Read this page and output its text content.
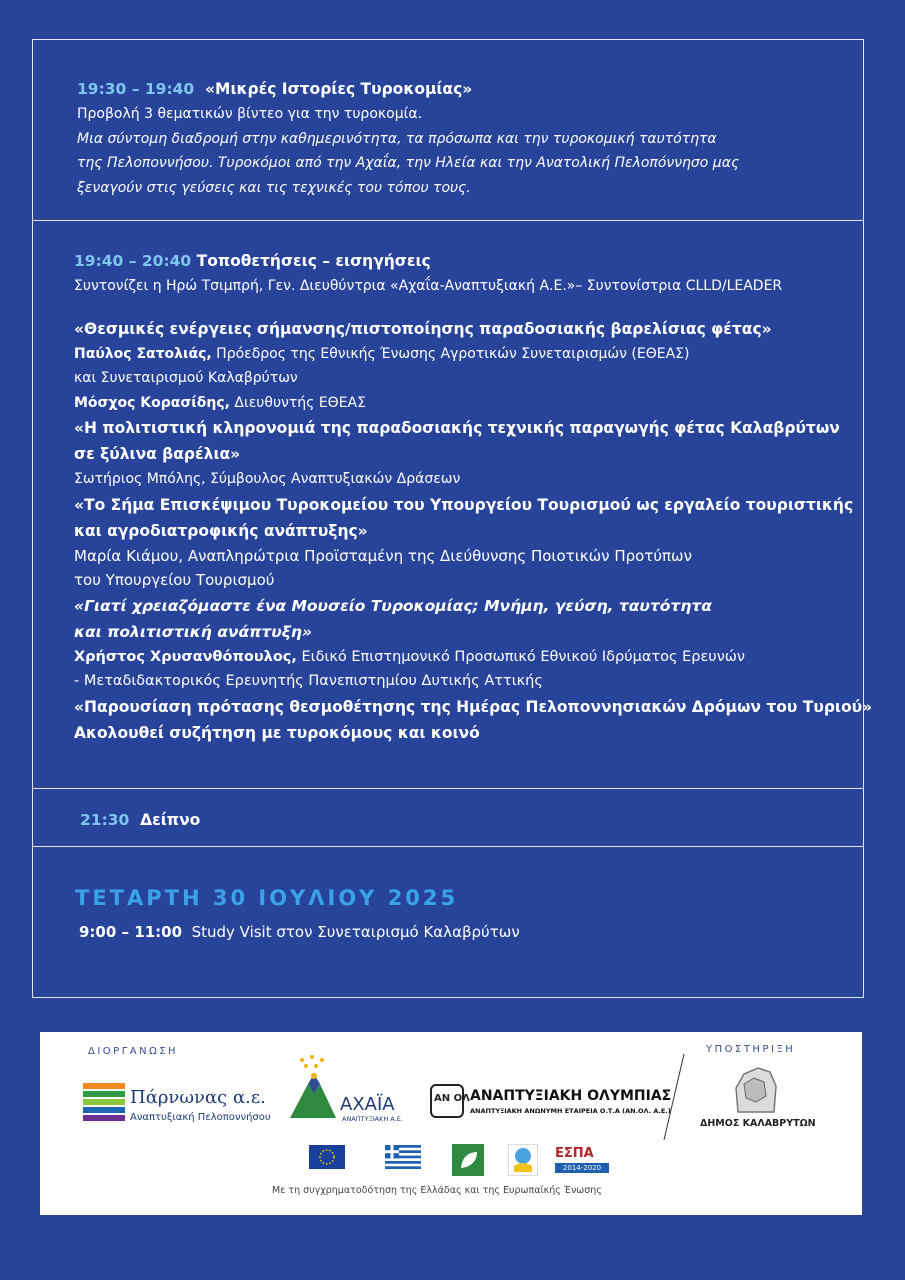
19:30 – 19:40 «Μικρές Ιστορίες Τυροκομίας»
Προβολή 3 θεματικών βίντεο για την τυροκομία.
Μια σύντομη διαδρομή στην καθημερινότητα, τα πρόσωπα και την τυροκομική ταυτότητα
της Πελοποννήσου. Τυροκόμοι από την Αχαΐα, την Ηλεία και την Ανατολική Πελοπόννησο μας
ξεναγούν στις γεύσεις και τις τεχνικές του τόπου τους.
19:40 – 20:40 Τοποθετήσεις – εισηγήσεις
Συντονίζει η Ηρώ Τσιμπρή, Γεν. Διευθύντρια «Αχαΐα-Αναπτυξιακή Α.Ε.»– Συντονίστρια CLLD/LEADER
«Θεσμικές ενέργειες σήμανσης/πιστοποίησης παραδοσιακής βαρελίσιας φέτας»
Παύλος Σατολιάς, Πρόεδρος της Εθνικής Ένωσης Αγροτικών Συνεταιρισμών (ΕΘΕΑΣ)
και Συνεταιρισμού Καλαβρύτων
Μόσχος Κορασίδης, Διευθυντής ΕΘΕΑΣ
«Η πολιτιστική κληρονομιά της παραδοσιακής τεχνικής παραγωγής φέτας Καλαβρύτων
σε ξύλινα βαρέλια»
Σωτήριος Μπόλης, Σύμβουλος Αναπτυξιακών Δράσεων
«Το Σήμα Επισκέψιμου Τυροκομείου του Υπουργείου Τουρισμού ως εργαλείο τουριστικής
και αγροδιατροφικής ανάπτυξης»
Μαρία Κιάμου, Αναπληρώτρια Προϊσταμένη της Διεύθυνσης Ποιοτικών Προτύπων
του Υπουργείου Τουρισμού
«Γιατί χρειαζόμαστε ένα Μουσείο Τυροκομίας; Μνήμη, γεύση, ταυτότητα
και πολιτιστική ανάπτυξη»
Χρήστος Χρυσανθόπουλος, Ειδικό Επιστημονικό Προσωπικό Εθνικού Ιδρύματος Ερευνών
- Μεταδιδακτορικός Ερευνητής Πανεπιστημίου Δυτικής Αττικής
«Παρουσίαση πρότασης θεσμοθέτησης της Ημέρας Πελοποννησιακών Δρόμων του Τυριού»
Ακολουθεί συζήτηση με τυροκόμους και κοινό
21:30 Δείπνο
ΤΕΤΑΡΤΗ 30 ΙΟΥΛΙΟΥ 2025
9:00 – 11:00 Study Visit στον Συνεταιρισμό Καλαβρύτων
ΔΙΟΡΓΑΝΩΣΗ	ΥΠΟΣΤΗΡΙΞΗ
Πάρνωνας α.ε.
Αναπτυξιακή Πελοποννήσου
ΑΧΑΪΑ
ΑΝΑΠΤΥΞΙΑΚΗ Α.Ε.
ΑΝ ΟΛ ΑΝΑΠΤΥΞΙΑΚΗ ΟΛΥΜΠΙΑΣ
ΑΝΑΠΤΥΞΙΑΚΗ ΑΝΩΝΥΜΗ ΕΤΑΙΡΕΙΑ Ο.Τ.Α (ΑΝ.ΟΛ. Α.Ε.)
ΔΗΜΟΣ ΚΑΛΑΒΡΥΤΩΝ
ΕΣΠΑ
2014-2020
Με τη συγχρηματοδότηση της Ελλάδας και της Ευρωπαϊκής Ένωσης
